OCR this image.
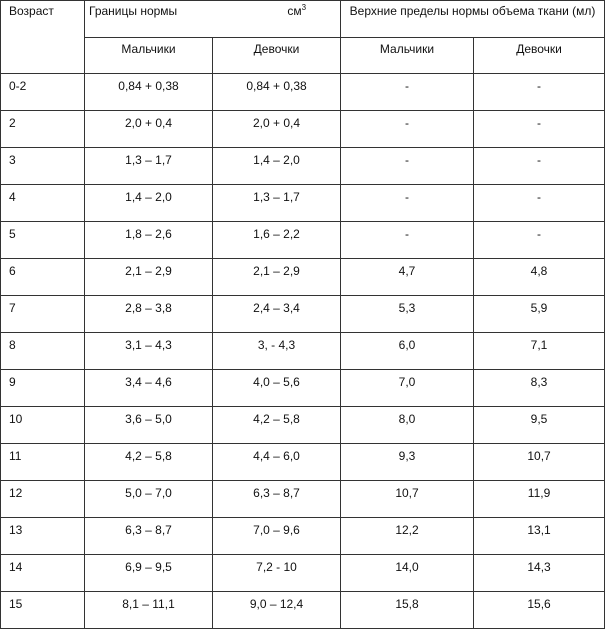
Возраст	Границы нормы $см^3$		Верхние пределы нормы объема ткани (мл)	
	Мальчики	Девочки	Мальчики	Девочки
0-2	0,84 + 0,38	0,84 + 0,38	-	-
2	2,0 + 0,4	2,0 + 0,4	-	-
3	1,3 – 1,7	1,4 – 2,0	-	-
4	1,4 – 2,0	1,3 – 1,7	-	-
5	1,8 – 2,6	1,6 – 2,2	-	-
6	2,1 – 2,9	2,1 – 2,9	4,7	4,8
7	2,8 – 3,8	2,4 – 3,4	5,3	5,9
8	3,1 – 4,3	3, - 4,3	6,0	7,1
9	3,4 – 4,6	4,0 – 5,6	7,0	8,3
10	3,6 – 5,0	4,2 – 5,8	8,0	9,5
11	4,2 – 5,8	4,4 – 6,0	9,3	10,7
12	5,0 – 7,0	6,3 – 8,7	10,7	11,9
13	6,3 – 8,7	7,0 – 9,6	12,2	13,1
14	6,9 – 9,5	7,2 - 10	14,0	14,3
15	8,1 – 11,1	9,0 – 12,4	15,8	15,6
